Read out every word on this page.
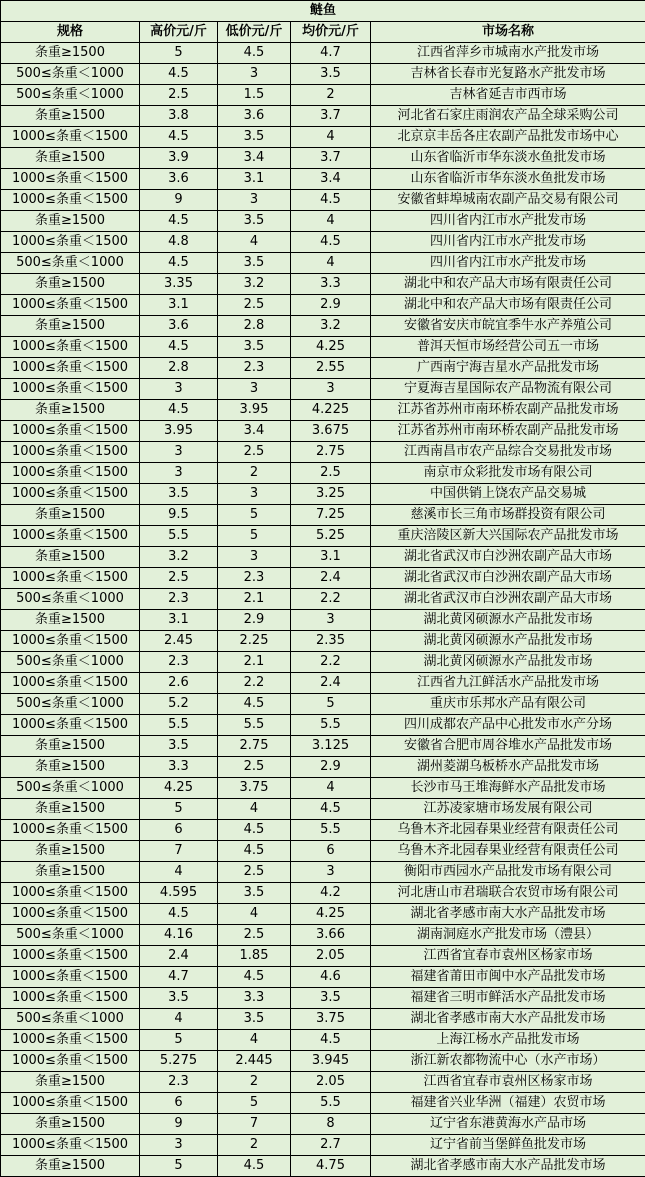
鲢鱼				
规格	高价元/斤	低价元/斤	均价元/斤	市场名称
条重≥1500	5	4.5	4.7	江西省萍乡市城南水产批发市场
500≤条重＜1000	4.5	3	3.5	吉林省长春市光复路水产批发市场
500≤条重＜1000	2.5	1.5	2	吉林省延吉市西市场
条重≥1500	3.8	3.6	3.7	河北省石家庄雨润农产品全球采购公司
1000≤条重＜1500	4.5	3.5	4	北京京丰岳各庄农副产品批发市场中心
条重≥1500	3.9	3.4	3.7	山东省临沂市华东淡水鱼批发市场
1000≤条重＜1500	3.6	3.1	3.4	山东省临沂市华东淡水鱼批发市场
1000≤条重＜1500	9	3	4.5	安徽省蚌埠城南农副产品交易有限公司
条重≥1500	4.5	3.5	4	四川省内江市水产批发市场
1000≤条重＜1500	4.8	4	4.5	四川省内江市水产批发市场
500≤条重＜1000	4.5	3.5	4	四川省内江市水产批发市场
条重≥1500	3.35	3.2	3.3	湖北中和农产品大市场有限责任公司
1000≤条重＜1500	3.1	2.5	2.9	湖北中和农产品大市场有限责任公司
条重≥1500	3.6	2.8	3.2	安徽省安庆市皖宜季牛水产养殖公司
1000≤条重＜1500	4.5	3.5	4.25	普洱天恒市场经营公司五一市场
1000≤条重＜1500	2.8	2.3	2.55	广西南宁海吉星水产品批发市场
1000≤条重＜1500	3	3	3	宁夏海吉星国际农产品物流有限公司
条重≥1500	4.5	3.95	4.225	江苏省苏州市南环桥农副产品批发市场
1000≤条重＜1500	3.95	3.4	3.675	江苏省苏州市南环桥农副产品批发市场
1000≤条重＜1500	3	2.5	2.75	江西南昌市农产品综合交易批发市场
1000≤条重＜1500	3	2	2.5	南京市众彩批发市场有限公司
1000≤条重＜1500	3.5	3	3.25	中国供销上饶农产品交易城
条重≥1500	9.5	5	7.25	慈溪市长三角市场群投资有限公司
1000≤条重＜1500	5.5	5	5.25	重庆涪陵区新大兴国际农产品批发市场
条重≥1500	3.2	3	3.1	湖北省武汉市白沙洲农副产品大市场
1000≤条重＜1500	2.5	2.3	2.4	湖北省武汉市白沙洲农副产品大市场
500≤条重＜1000	2.3	2.1	2.2	湖北省武汉市白沙洲农副产品大市场
条重≥1500	3.1	2.9	3	湖北黄冈硕源水产品批发市场
1000≤条重＜1500	2.45	2.25	2.35	湖北黄冈硕源水产品批发市场
500≤条重＜1000	2.3	2.1	2.2	湖北黄冈硕源水产品批发市场
1000≤条重＜1500	2.6	2.2	2.4	江西省九江鲜活水产品批发市场
500≤条重＜1000	5.2	4.5	5	重庆市乐邦水产品有限公司
1000≤条重＜1500	5.5	5.5	5.5	四川成都农产品中心批发市水产分场
条重≥1500	3.5	2.75	3.125	安徽省合肥市周谷堆水产品批发市场
条重≥1500	3.3	2.5	2.9	湖州菱湖乌板桥水产品批发市场
500≤条重＜1000	4.25	3.75	4	长沙市马王堆海鲜水产品批发市场
条重≥1500	5	4	4.5	江苏凌家塘市场发展有限公司
1000≤条重＜1500	6	4.5	5.5	乌鲁木齐北园春果业经营有限责任公司
条重≥1500	7	4.5	6	乌鲁木齐北园春果业经营有限责任公司
条重≥1500	4	2.5	3	衡阳市西园水产品批发市场有限公司
1000≤条重＜1500	4.595	3.5	4.2	河北唐山市君瑞联合农贸市场有限公司
1000≤条重＜1500	4.5	4	4.25	湖北省孝感市南大水产品批发市场
500≤条重＜1000	4.16	2.5	3.66	湖南洞庭水产批发市场（澧县）
1000≤条重＜1500	2.4	1.85	2.05	江西省宜春市袁州区杨家市场
1000≤条重＜1500	4.7	4.5	4.6	福建省莆田市闽中水产品批发市场
1000≤条重＜1500	3.5	3.3	3.5	福建省三明市鲜活水产品批发市场
500≤条重＜1000	4	3.5	3.75	湖北省孝感市南大水产品批发市场
1000≤条重＜1500	5	4	4.5	上海江杨水产品批发市场
1000≤条重＜1500	5.275	2.445	3.945	浙江新农都物流中心（水产市场）
条重≥1500	2.3	2	2.05	江西省宜春市袁州区杨家市场
1000≤条重＜1500	6	5	5.5	福建省兴业华洲（福建）农贸市场
条重≥1500	9	7	8	辽宁省东港黄海水产品市场
1000≤条重＜1500	3	2	2.7	辽宁省前当堡鲜鱼批发市场
条重≥1500	5	4.5	4.75	湖北省孝感市南大水产品批发市场
